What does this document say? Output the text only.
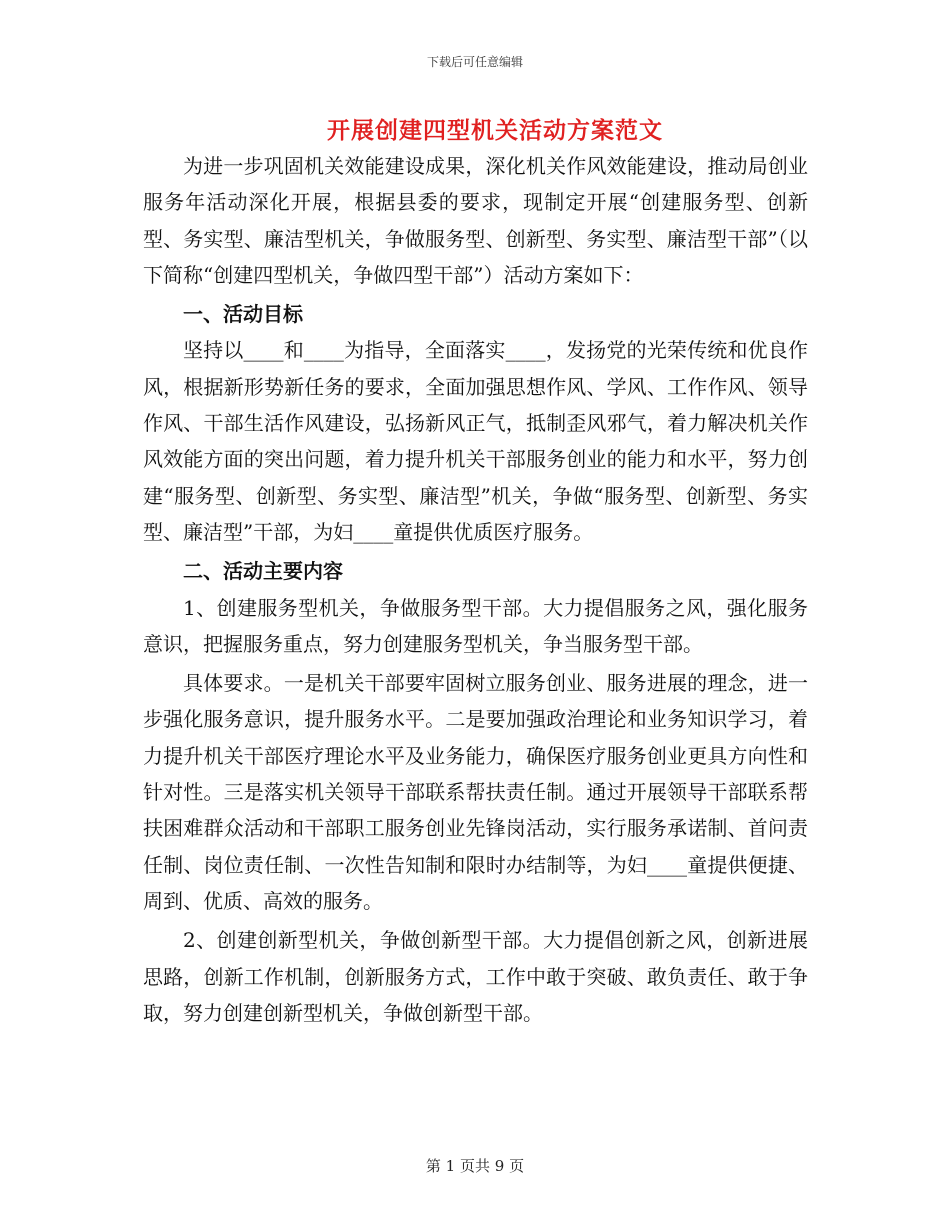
下载后可任意编辑
开展创建四型机关活动方案范文

为进一步巩固机关效能建设成果，深化机关作风效能建设，推动局创业服务年活动深化开展，根据县委的要求，现制定开展“创建服务型、创新型、务实型、廉洁型机关，争做服务型、创新型、务实型、廉洁型干部”（以下简称“创建四型机关，争做四型干部”）活动方案如下：

一、活动目标

坚持以____和____为指导，全面落实____，发扬党的光荣传统和优良作风，根据新形势新任务的要求，全面加强思想作风、学风、工作作风、领导作风、干部生活作风建设，弘扬新风正气，抵制歪风邪气，着力解决机关作风效能方面的突出问题，着力提升机关干部服务创业的能力和水平，努力创建“服务型、创新型、务实型、廉洁型”机关，争做“服务型、创新型、务实型、廉洁型”干部，为妇____童提供优质医疗服务。

二、活动主要内容

1、创建服务型机关，争做服务型干部。大力提倡服务之风，强化服务意识，把握服务重点，努力创建服务型机关，争当服务型干部。

具体要求。一是机关干部要牢固树立服务创业、服务进展的理念，进一步强化服务意识，提升服务水平。二是要加强政治理论和业务知识学习，着力提升机关干部医疗理论水平及业务能力，确保医疗服务创业更具方向性和针对性。三是落实机关领导干部联系帮扶责任制。通过开展领导干部联系帮扶困难群众活动和干部职工服务创业先锋岗活动，实行服务承诺制、首问责任制、岗位责任制、一次性告知制和限时办结制等，为妇____童提供便捷、周到、优质、高效的服务。

2、创建创新型机关，争做创新型干部。大力提倡创新之风，创新进展思路，创新工作机制，创新服务方式，工作中敢于突破、敢负责任、敢于争取，努力创建创新型机关，争做创新型干部。

第 1 页共 9 页
